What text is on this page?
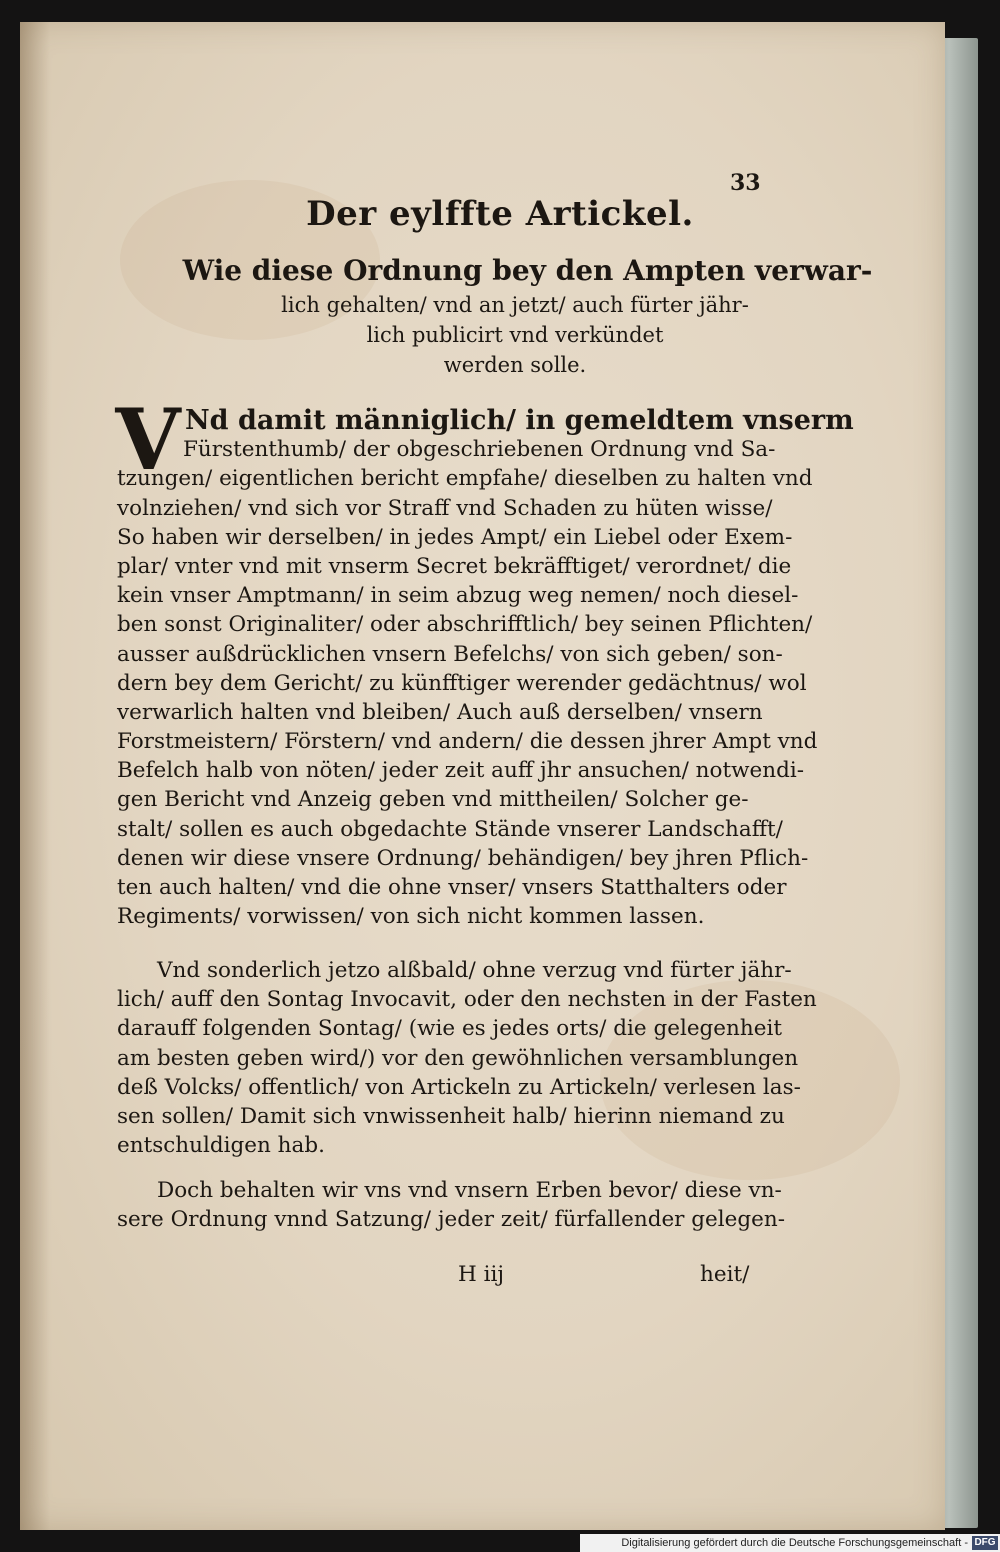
33
Der eylffte Artickel.
Wie diese Ordnung bey den Ampten verwar-
lich gehalten/ vnd an jetzt/ auch fürter jähr-
lich publicirt vnd verkündet
werden solle.
V Nd damit männiglich/ in gemeldtem vnserm
Fürstenthumb/ der obgeschriebenen Ordnung vnd Sa-
tzungen/ eigentlichen bericht empfahe/ dieselben zu halten vnd
volnziehen/ vnd sich vor Straff vnd Schaden zu hüten wisse/
So haben wir derselben/ in jedes Ampt/ ein Liebel oder Exem-
plar/ vnter vnd mit vnserm Secret bekräfftiget/ verordnet/ die
kein vnser Amptmann/ in seim abzug weg nemen/ noch diesel-
ben sonst Originaliter/ oder abschrifftlich/ bey seinen Pflichten/
ausser außdrücklichen vnsern Befelchs/ von sich geben/ son-
dern bey dem Gericht/ zu künfftiger werender gedächtnus/ wol
verwarlich halten vnd bleiben/ Auch auß derselben/ vnsern
Forstmeistern/ Förstern/ vnd andern/ die dessen jhrer Ampt vnd
Befelch halb von nöten/ jeder zeit auff jhr ansuchen/ notwendi-
gen Bericht vnd Anzeig geben vnd mittheilen/ Solcher ge-
stalt/ sollen es auch obgedachte Stände vnserer Landschafft/
denen wir diese vnsere Ordnung/ behändigen/ bey jhren Pflich-
ten auch halten/ vnd die ohne vnser/ vnsers Statthalters oder
Regiments/ vorwissen/ von sich nicht kommen lassen.
Vnd sonderlich jetzo alßbald/ ohne verzug vnd fürter jähr-
lich/ auff den Sontag Invocavit, oder den nechsten in der Fasten
darauff folgenden Sontag/ (wie es jedes orts/ die gelegenheit
am besten geben wird/) vor den gewöhnlichen versamblungen
deß Volcks/ offentlich/ von Artickeln zu Artickeln/ verlesen las-
sen sollen/ Damit sich vnwissenheit halb/ hierinn niemand zu
entschuldigen hab.
Doch behalten wir vns vnd vnsern Erben bevor/ diese vn-
sere Ordnung vnnd Satzung/ jeder zeit/ fürfallender gelegen-
H iij	heit/
Digitalisierung gefördert durch die Deutsche Forschungsgemeinschaft - DFG
